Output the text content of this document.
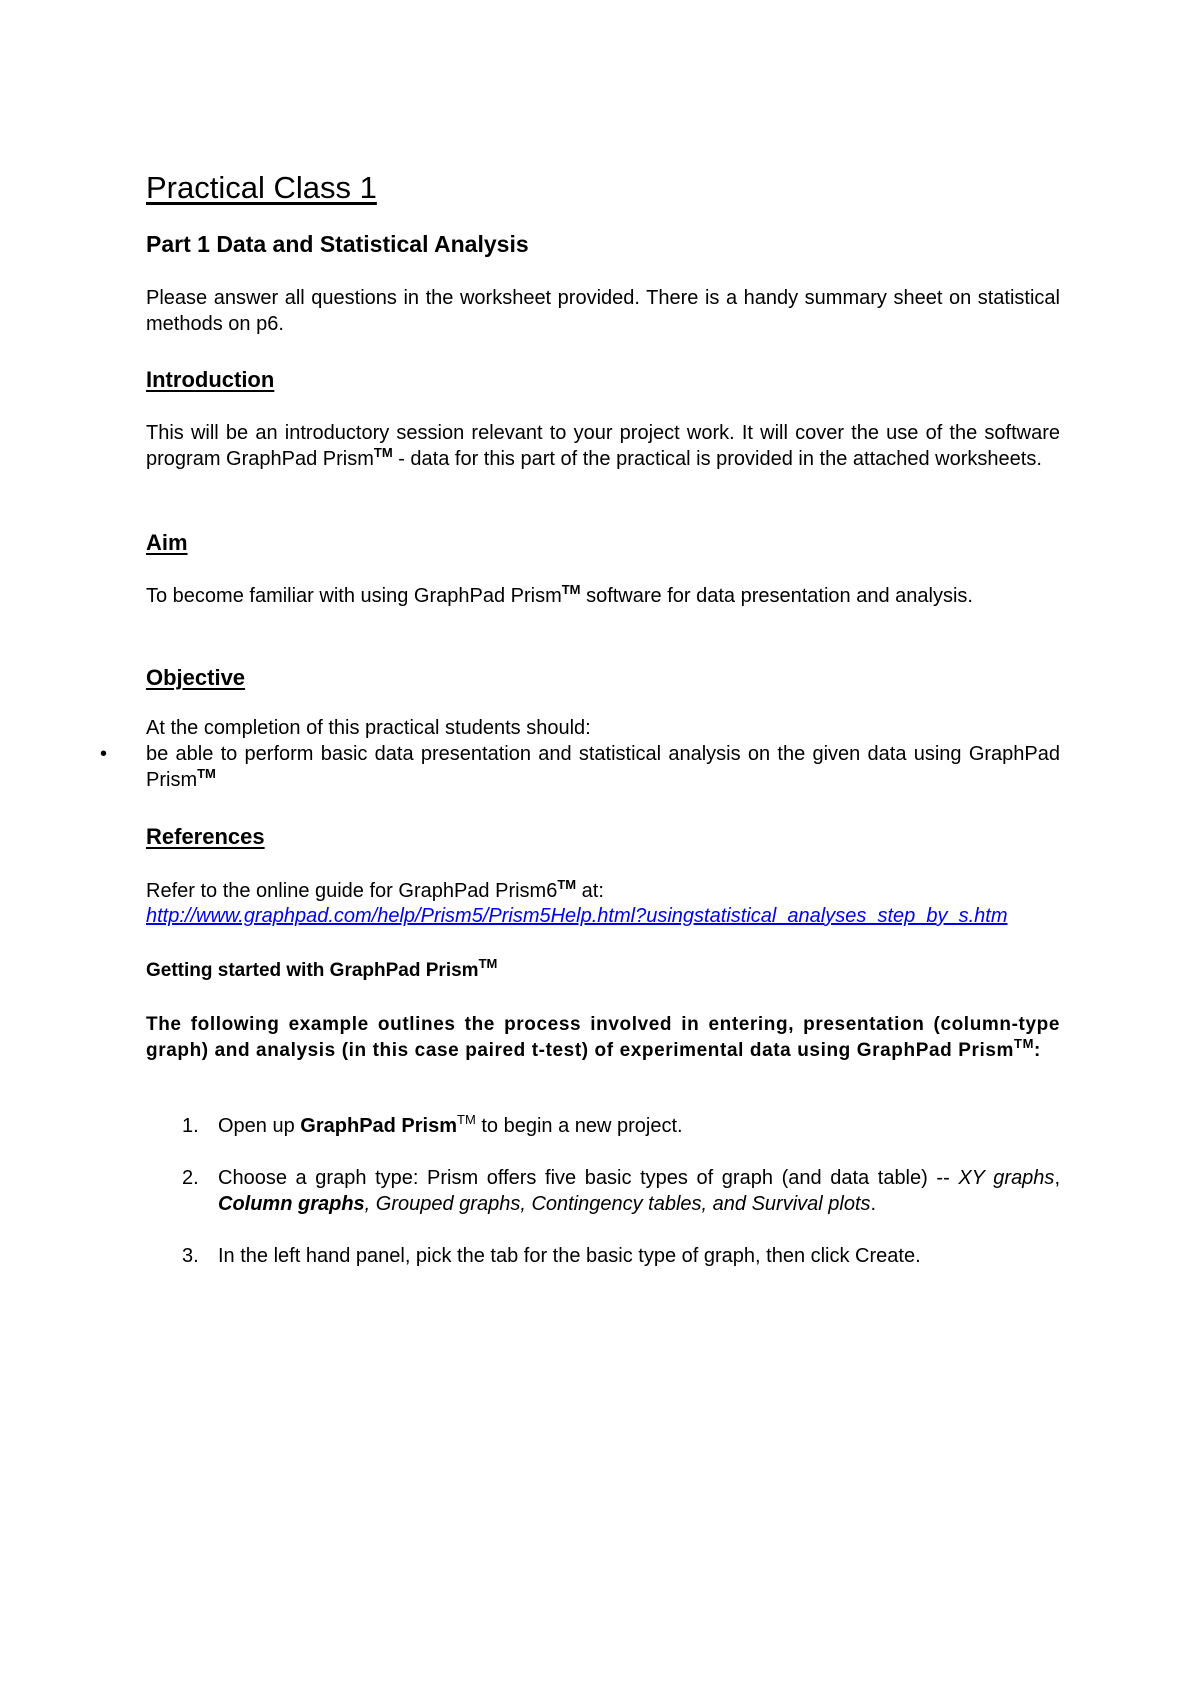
Practical Class 1
Part 1 Data and Statistical Analysis

Please answer all questions in the worksheet provided. There is a handy summary sheet on statistical methods on p6.

Introduction

This will be an introductory session relevant to your project work. It will cover the use of the software program GraphPad Prism™ - data for this part of the practical is provided in the attached worksheets.

Aim

To become familiar with using GraphPad Prism™ software for data presentation and analysis.

Objective

At the completion of this practical students should:

• be able to perform basic data presentation and statistical analysis on the given data using GraphPad Prism™
References

Refer to the online guide for GraphPad Prism6™ at:

http://www.graphpad.com/help/Prism5/Prism5Help.html?usingstatistical_analyses_step_by_s.htm

Getting started with GraphPad Prism™

The following example outlines the process involved in entering, presentation (column-type graph) and analysis (in this case paired t-test) of experimental data using GraphPad Prism™:

1. Open up GraphPad Prism™ to begin a new project.
2. Choose a graph type: Prism offers five basic types of graph (and data table) -- XY graphs, Column graphs, Grouped graphs, Contingency tables, and Survival plots.
3. In the left hand panel, pick the tab for the basic type of graph, then click Create.
